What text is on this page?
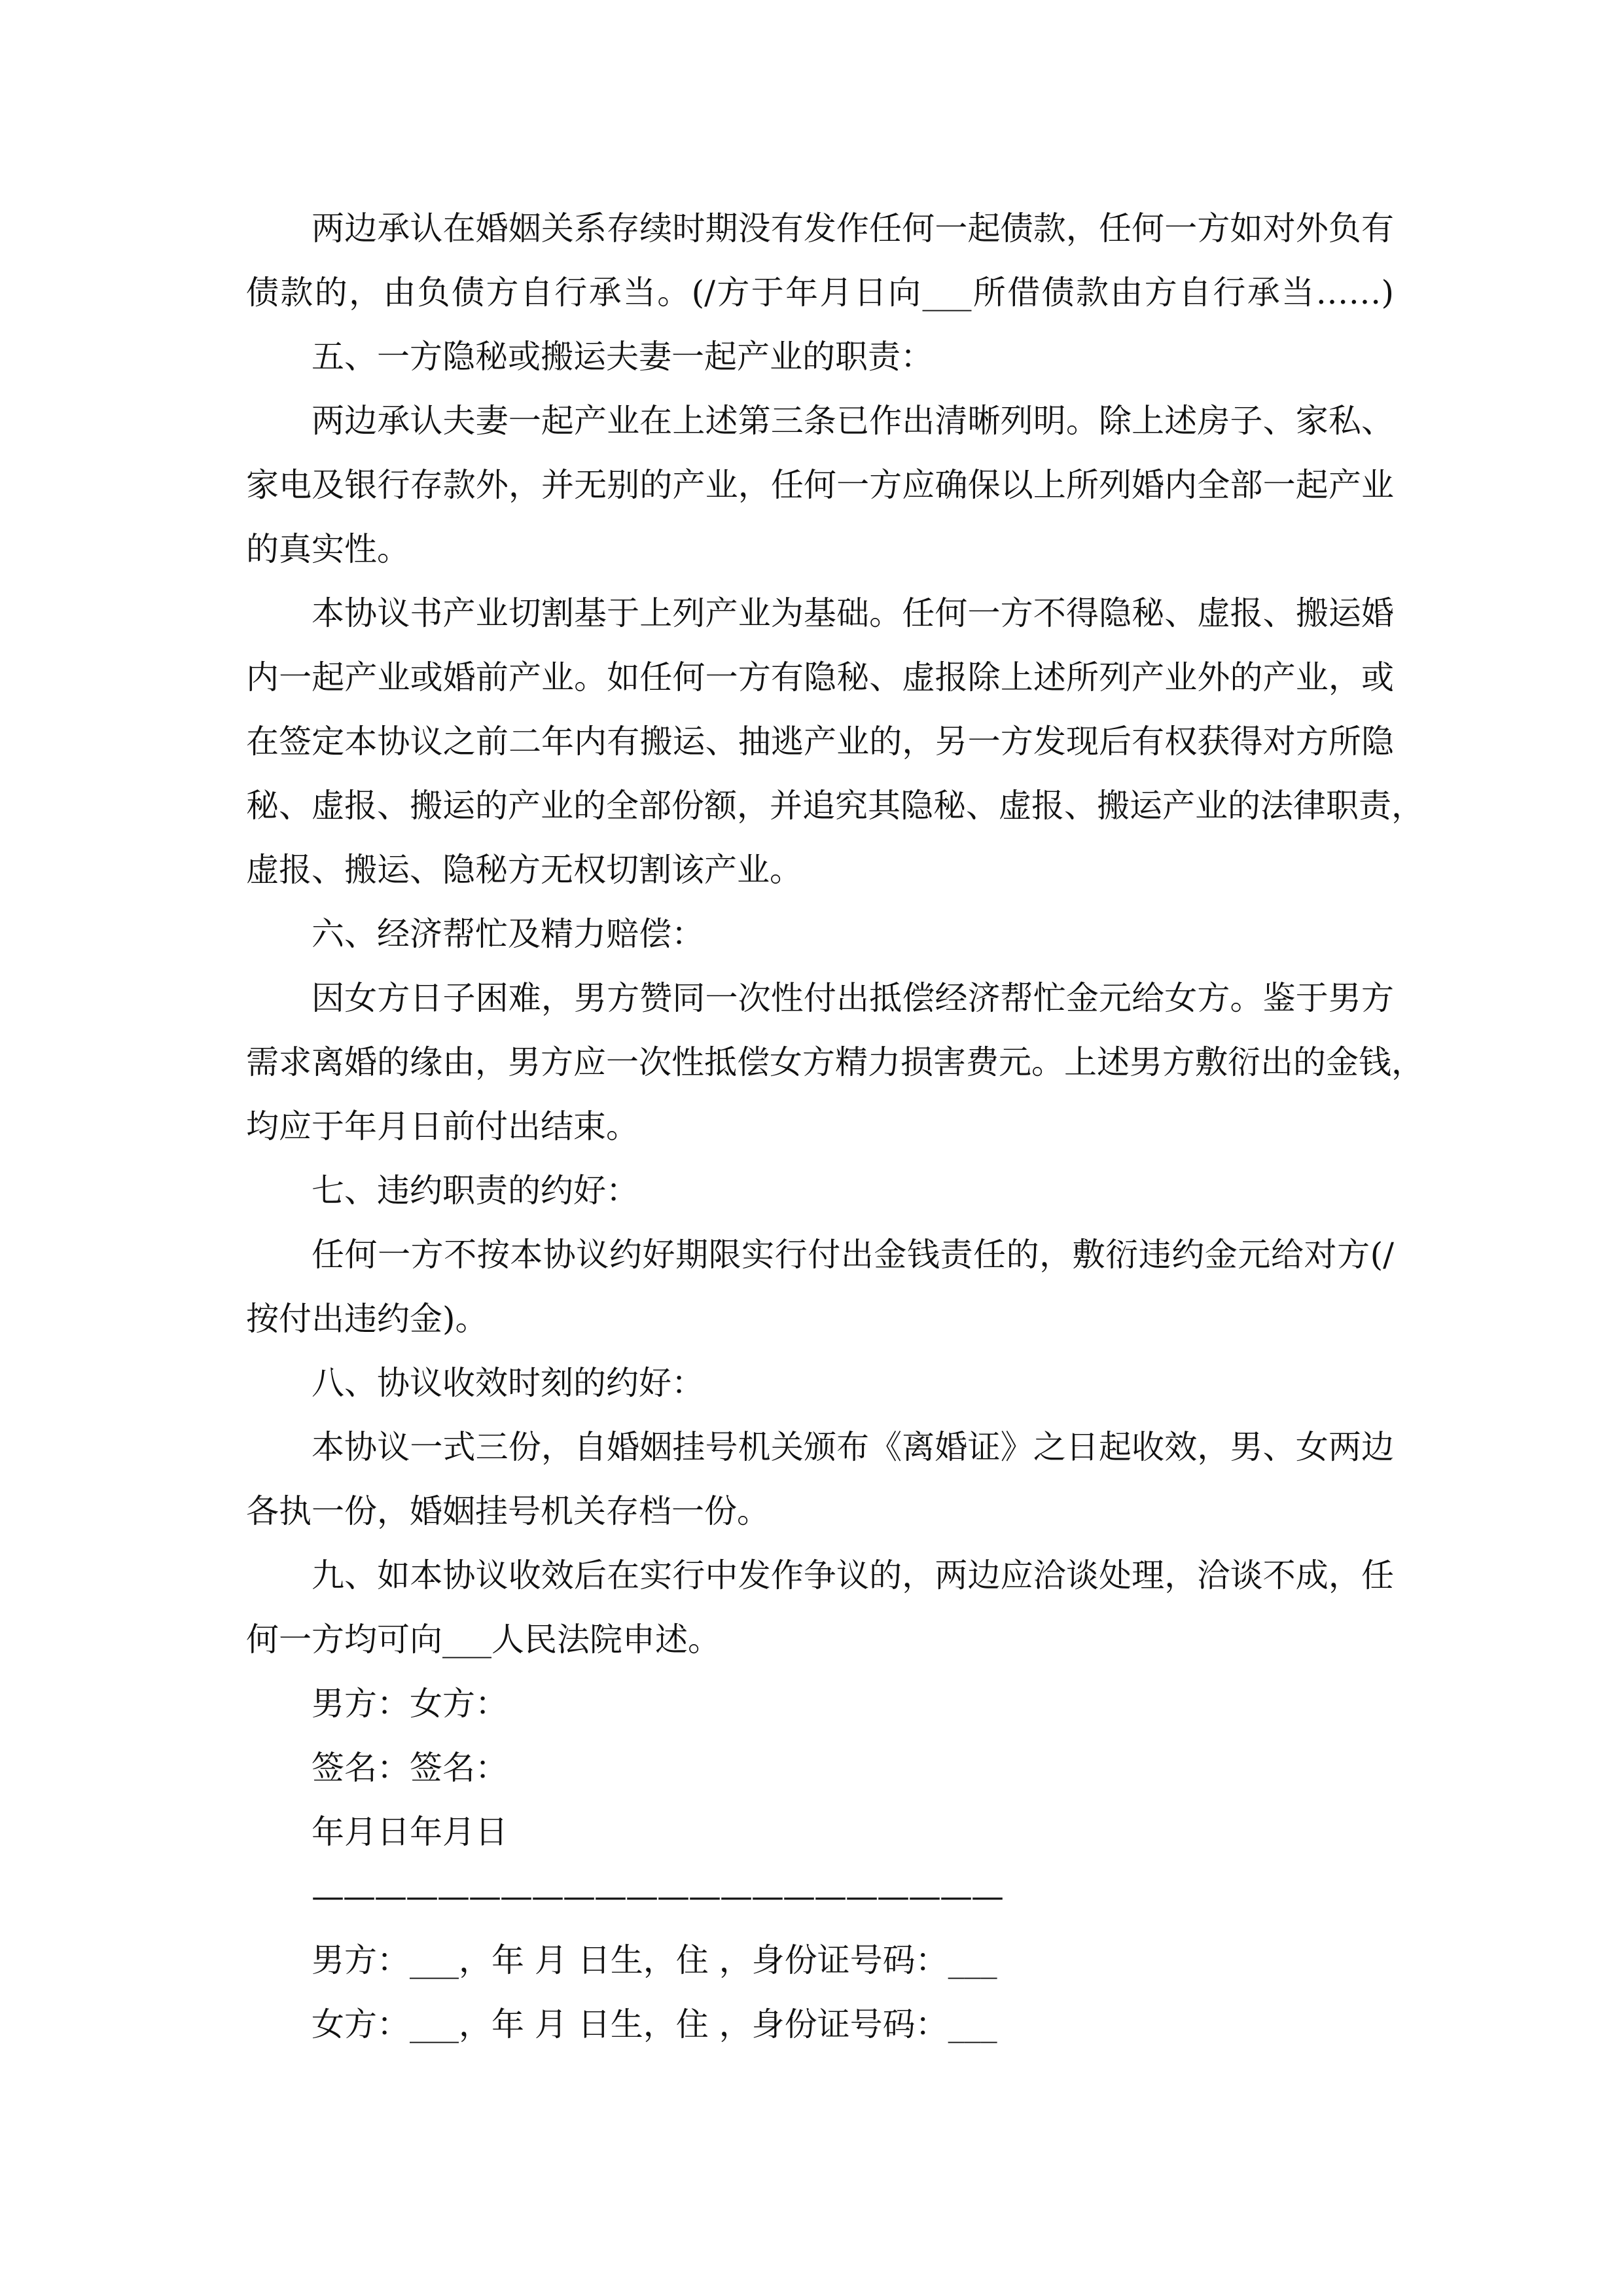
两边承认在婚姻关系存续时期没有发作任何一起债款，任何一方如对外负有
债款的，由负债方自行承当。(/方于年月日向___所借债款由方自行承当……)
五、一方隐秘或搬运夫妻一起产业的职责：
两边承认夫妻一起产业在上述第三条已作出清晰列明。除上述房子、家私、
家电及银行存款外，并无别的产业，任何一方应确保以上所列婚内全部一起产业
的真实性。
本协议书产业切割基于上列产业为基础。任何一方不得隐秘、虚报、搬运婚
内一起产业或婚前产业。如任何一方有隐秘、虚报除上述所列产业外的产业，或
在签定本协议之前二年内有搬运、抽逃产业的，另一方发现后有权获得对方所隐
秘、虚报、搬运的产业的全部份额，并追究其隐秘、虚报、搬运产业的法律职责，
虚报、搬运、隐秘方无权切割该产业。
六、经济帮忙及精力赔偿：
因女方日子困难，男方赞同一次性付出抵偿经济帮忙金元给女方。鉴于男方
需求离婚的缘由，男方应一次性抵偿女方精力损害费元。上述男方敷衍出的金钱，
均应于年月日前付出结束。
七、违约职责的约好：
任何一方不按本协议约好期限实行付出金钱责任的，敷衍违约金元给对方(/
按付出违约金)。
八、协议收效时刻的约好：
本协议一式三份，自婚姻挂号机关颁布《离婚证》之日起收效，男、女两边
各执一份，婚姻挂号机关存档一份。
九、如本协议收效后在实行中发作争议的，两边应洽谈处理，洽谈不成，任
何一方均可向___人民法院申述。
男方：女方：
签名：签名：
年月日年月日
——————————————————————
男方：___，年 月 日生，住 ，身份证号码：___
女方：___，年 月 日生，住 ，身份证号码：___
